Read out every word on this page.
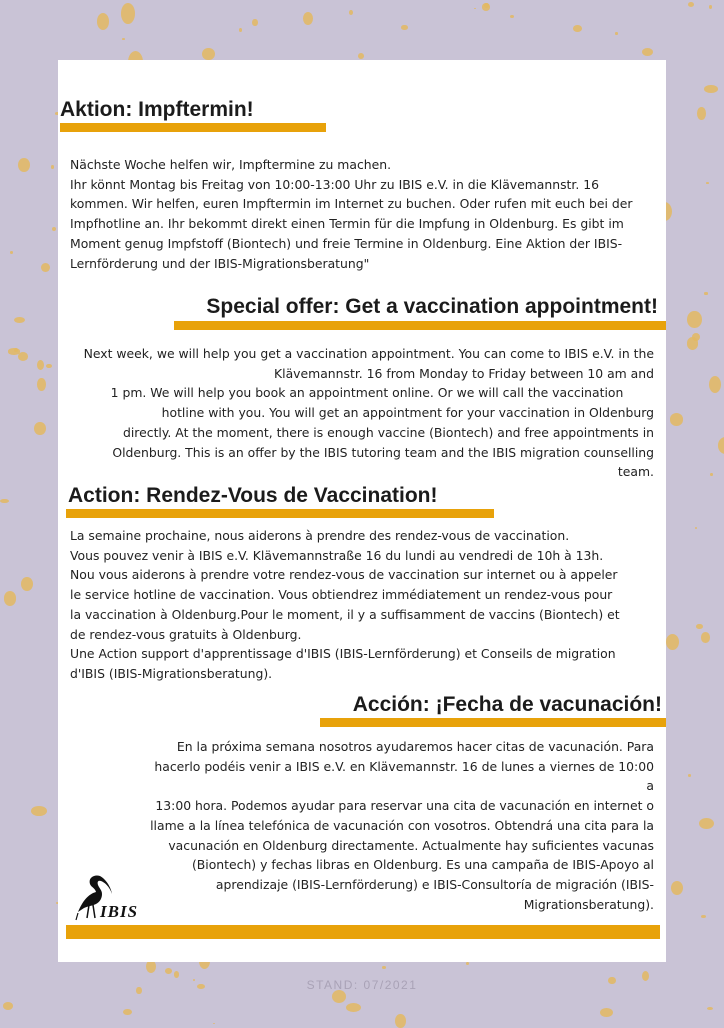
Aktion: Impftermin!

Nächste Woche helfen wir, Impftermine zu machen.

Ihr könnt Montag bis Freitag von 10:00-13:00 Uhr zu IBIS e.V. in die Klävemannstr. 16

kommen. Wir helfen, euren Impftermin im Internet zu buchen. Oder rufen mit euch bei der

Impfhotline an. Ihr bekommt direkt einen Termin für die Impfung in Oldenburg. Es gibt im

Moment genug Impfstoff (Biontech) und freie Termine in Oldenburg. Eine Aktion der IBIS-

Lernförderung und der IBIS-Migrationsberatung"

Special offer: Get a vaccination appointment!

Next week, we will help you get a vaccination appointment. You can come to IBIS e.V. in the

Klävemannstr. 16 from Monday to Friday between 10 am and

1 pm. We will help you book an appointment online. Or we will call the vaccination

hotline with you. You will get an appointment for your vaccination in Oldenburg

directly. At the moment, there is enough vaccine (Biontech) and free appointments in

Oldenburg. This is an offer by the IBIS tutoring team and the IBIS migration counselling

team.

Action: Rendez-Vous de Vaccination!

La semaine prochaine, nous aiderons à prendre des rendez-vous de vaccination.

Vous pouvez venir à IBIS e.V. Klävemannstraße 16 du lundi au vendredi de 10h à 13h.

Nou vous aiderons à prendre votre rendez-vous de vaccination sur internet ou à appeler

le service hotline de vaccination. Vous obtiendrez immédiatement un rendez-vous pour

la vaccination à Oldenburg.Pour le moment, il y a suffisamment de vaccins (Biontech) et

de rendez-vous gratuits à Oldenburg.

Une Action support d'apprentissage d'IBIS (IBIS-Lernförderung) et Conseils de migration

d'IBIS (IBIS-Migrationsberatung).

Acción: ¡Fecha de vacunación!

En la próxima semana nosotros ayudaremos hacer citas de vacunación. Para

hacerlo podéis venir a IBIS e.V. en Klävemannstr. 16 de lunes a viernes de 10:00 a

13:00 hora. Podemos ayudar para reservar una cita de vacunación en internet o

llame a la línea telefónica de vacunación con vosotros. Obtendrá una cita para la

vacunación en Oldenburg directamente. Actualmente hay suficientes vacunas

(Biontech) y fechas libras en Oldenburg. Es una campaña de IBIS-Apoyo al

aprendizaje (IBIS-Lernförderung) e IBIS-Consultoría de migración (IBIS-

Migrationsberatung).

IBIS
STAND: 07/2021
